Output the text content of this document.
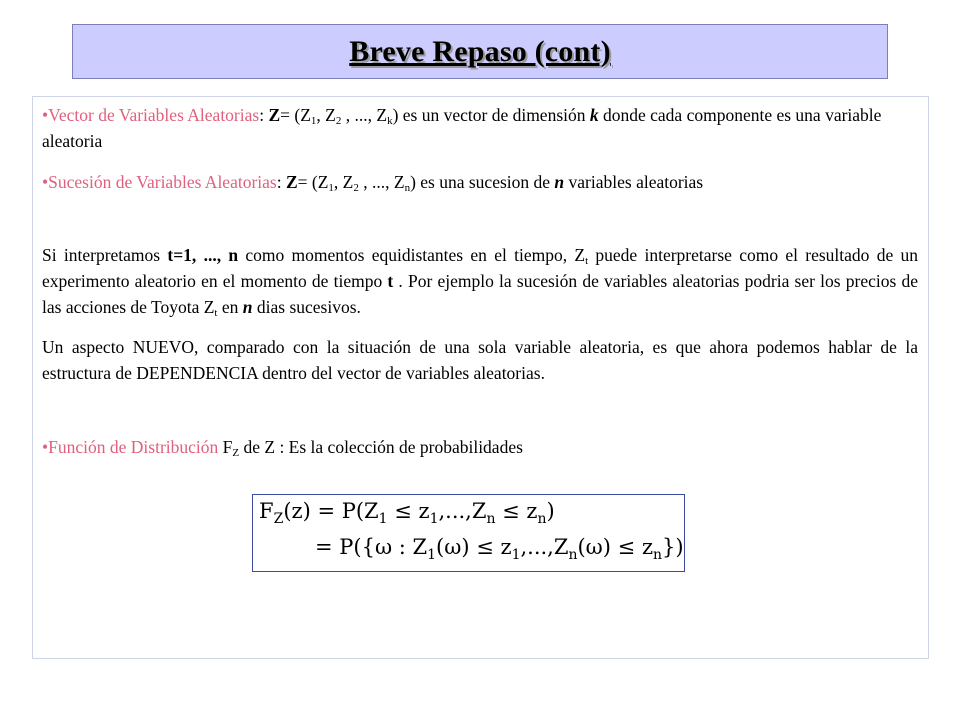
Breve Repaso (cont)
•Vector de Variables Aleatorias: $Z= (Z_1$, $Z_2$ , ..., $Z_k$) es un vector de dimensión k donde cada componente es una variable aleatoria
•Sucesión de Variables Aleatorias: $Z= (Z_1$, $Z_2$ , ..., $Z_n$) es una sucesion de n variables aleatorias
Si interpretamos t=1, ..., n como momentos equidistantes en el tiempo, $Z_t$ puede interpretarse como el resultado de un experimento aleatorio en el momento de tiempo t . Por ejemplo la sucesión de variables aleatorias podria ser los precios de las acciones de Toyota $Z_t$ en n dias sucesivos.
Un aspecto NUEVO, comparado con la situación de una sola variable aleatoria, es que ahora podemos hablar de la estructura de DEPENDENCIA dentro del vector de variables aleatorias.
•Función de Distribución $F_Z$ de Z : Es la colección de probabilidades
$F_Z(z) = P(Z_1 \le z_1,...,Z_n \le z_n)$
= P({ω : $Z_1(\omega) \le z_1,...,Z_n(\omega) \le z_n$})
